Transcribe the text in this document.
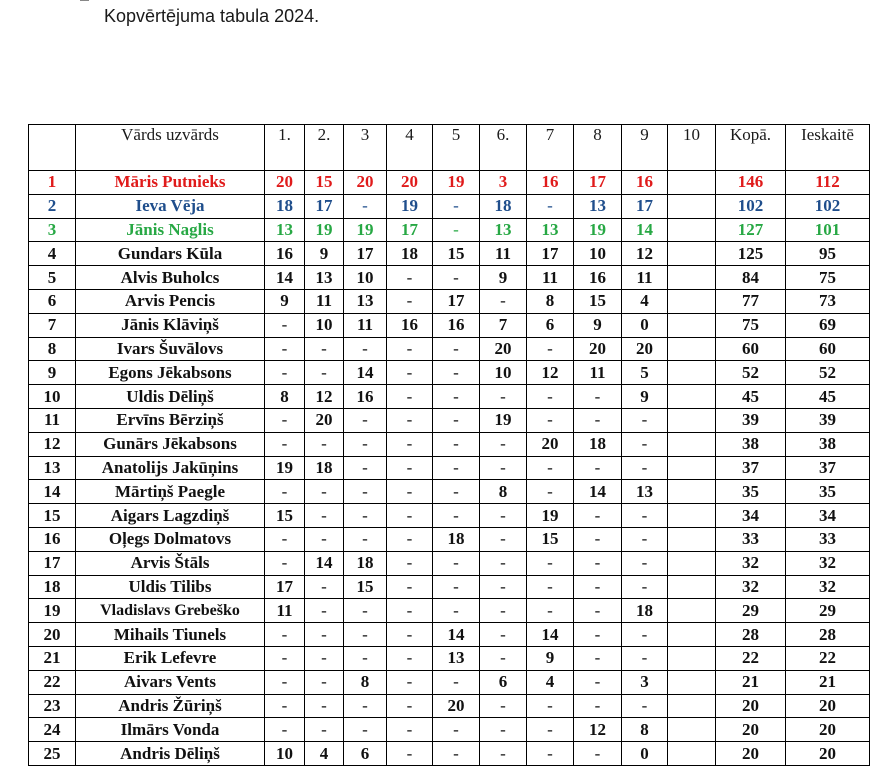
Kopvērtējuma tabula 2024.
	Vārds uzvārds	1.	2.	3	4	5	6.	7	8	9	10	Kopā.	Ieskaitē
1	Māris Putnieks	20	15	20	20	19	3	16	17	16		146	112
2	Ieva Vēja	18	17	-	19	-	18	-	13	17		102	102
3	Jānis Naglis	13	19	19	17	-	13	13	19	14		127	101
4	Gundars Kūla	16	9	17	18	15	11	17	10	12		125	95
5	Alvis Buholcs	14	13	10	-	-	9	11	16	11		84	75
6	Arvis Pencis	9	11	13	-	17	-	8	15	4		77	73
7	Jānis Klāviņš	-	10	11	16	16	7	6	9	0		75	69
8	Ivars Šuvālovs	-	-	-	-	-	20	-	20	20		60	60
9	Egons Jēkabsons	-	-	14	-	-	10	12	11	5		52	52
10	Uldis Dēliņš	8	12	16	-	-	-	-	-	9		45	45
11	Ervīns Bērziņš	-	20	-	-	-	19	-	-	-		39	39
12	Gunārs Jēkabsons	-	-	-	-	-	-	20	18	-		38	38
13	Anatolijs Jakūņins	19	18	-	-	-	-	-	-	-		37	37
14	Mārtiņš Paegle	-	-	-	-	-	8	-	14	13		35	35
15	Aigars Lagzdiņš	15	-	-	-	-	-	19	-	-		34	34
16	Oļegs Dolmatovs	-	-	-	-	18	-	15	-	-		33	33
17	Arvis Štāls	-	14	18	-	-	-	-	-	-		32	32
18	Uldis Tilibs	17	-	15	-	-	-	-	-	-		32	32
19	Vladislavs Grebeško	11	-	-	-	-	-	-	-	18		29	29
20	Mihails Tiunels	-	-	-	-	14	-	14	-	-		28	28
21	Erik Lefevre	-	-	-	-	13	-	9	-	-		22	22
22	Aivars Vents	-	-	8	-	-	6	4	-	3		21	21
23	Andris Žūriņš	-	-	-	-	20	-	-	-	-		20	20
24	Ilmārs Vonda	-	-	-	-	-	-	-	12	8		20	20
25	Andris Dēliņš	10	4	6	-	-	-	-	-	0		20	20
